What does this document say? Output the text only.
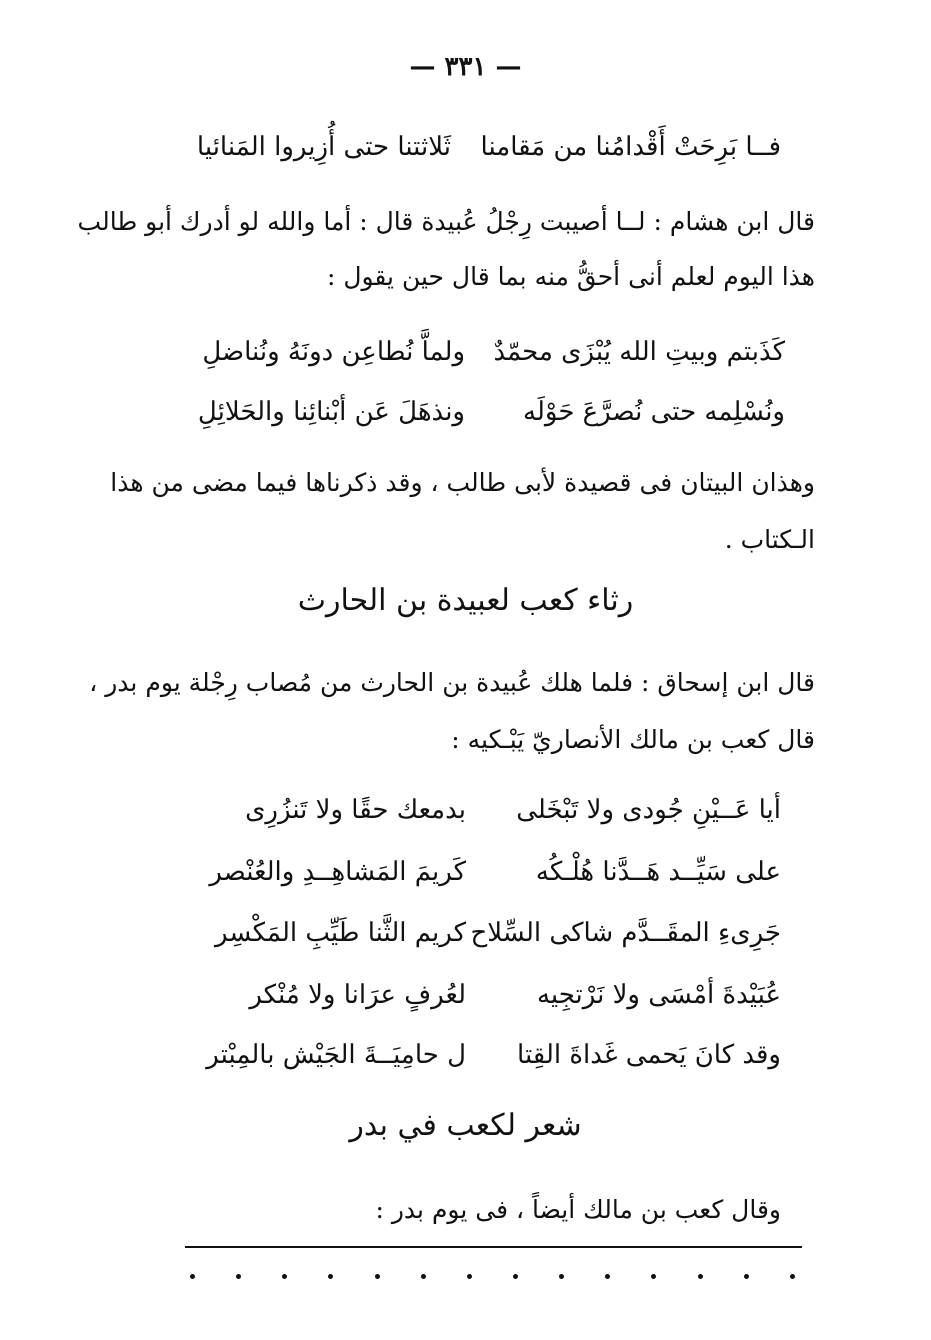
— ٣٣١ —
فــا بَرِحَتْ أَقْدامُنا من مَقامنا
ثَلاثتنا حتى أُزِيروا المَنائيا
قال ابن هشام : لــا أصيبت رِجْلُ عُبيدة قال : أما والله لو أدرك أبو طالب
هذا اليوم لعلم أنى أحقُّ منه بما قال حين يقول :
كَذَبتم وبيتِ الله يُبْزَى محمّدٌ
ولماَّ نُطاعِن دونَهُ ونُناضلِ
ونُسْلِمه حتى نُصرَّعَ حَوْلَه
ونذهَلَ عَن أبْنائِنا والحَلائِلِ
وهذان البيتان فى قصيدة لأبى طالب ، وقد ذكرناها فيما مضى من هذا
الـكتاب .
رثاء كعب لعبيدة بن الحارث
قال ابن إسحاق : فلما هلك عُبيدة بن الحارث من مُصاب رِجْلة يوم بدر ،
قال كعب بن مالك الأنصاريّ يَبْـكيه :
أيا عَــيْنِ جُودى ولا تَبْخَلى
بدمعك حقًا ولا تَنزُرِى
على سَيِّــد هَــدَّنا هُلْـكُه
كَريمَ المَشاهِــدِ والعُنْصر
جَرِىءِ المقَــدَّم شاكى السِّلاح
كريم الثَّنا طَيِّبِ المَكْسِر
عُبَيْدةَ أمْسَى ولا نَرْتجِيه
لعُرفٍ عرَانا ولا مُنْكر
وقد كانَ يَحمى غَداةَ القِتا
ل حامِيَــةَ الجَيْش بالمِبْتر
شعر لكعب في بدر
وقال كعب بن مالك أيضاً ، فى يوم بدر :
